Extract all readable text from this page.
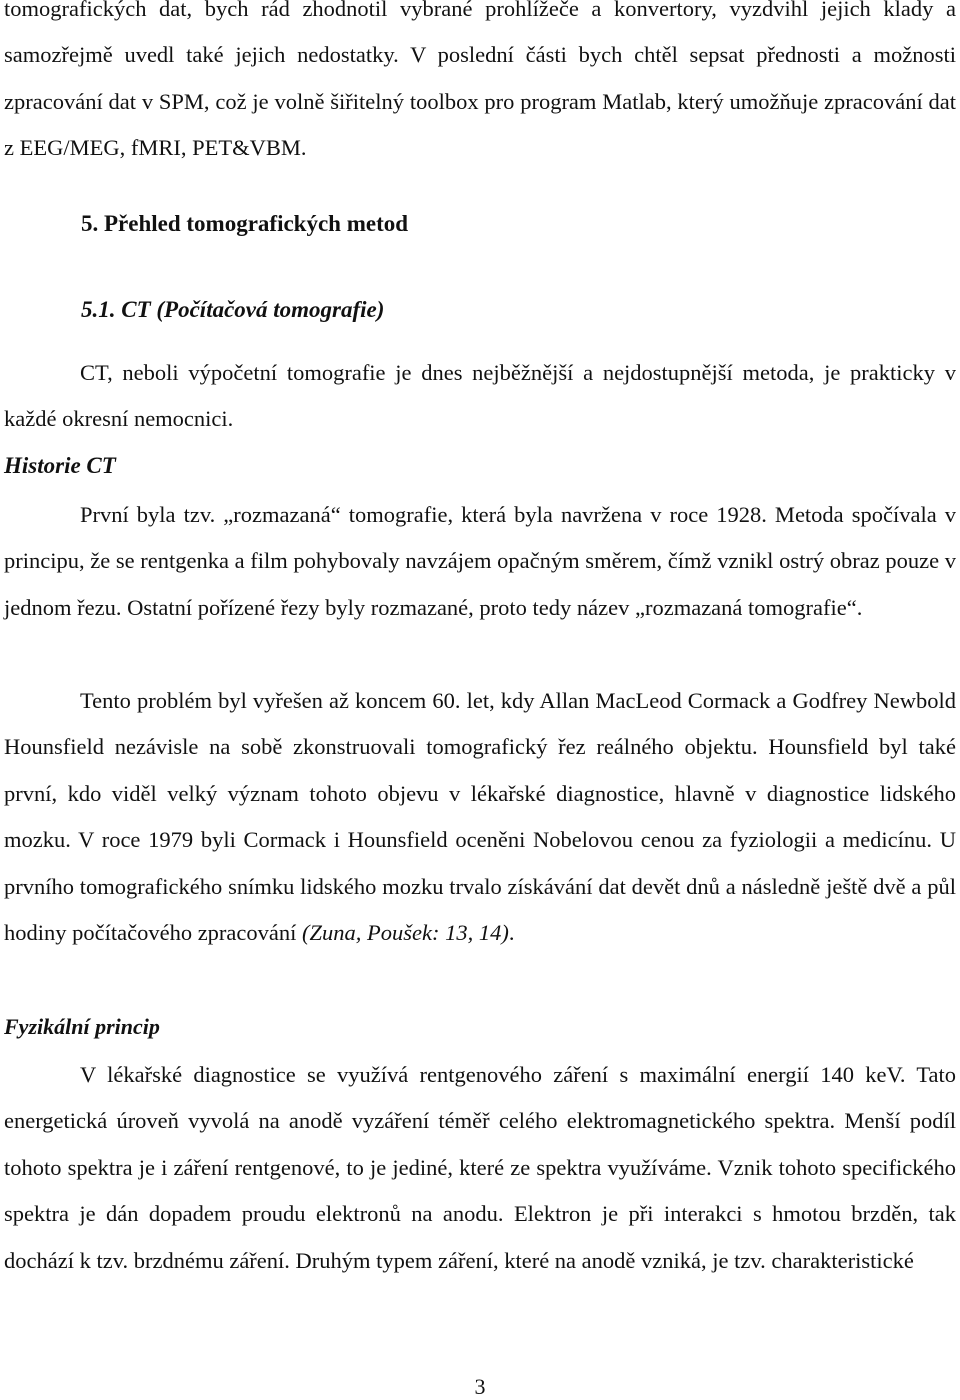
tomografických dat, bych rád zhodnotil vybrané prohlížeče a konvertory, vyzdvihl jejich klady a samozřejmě uvedl také jejich nedostatky. V poslední části bych chtěl sepsat přednosti a možnosti zpracování dat v SPM, což je volně šiřitelný toolbox pro program Matlab, který umožňuje zpracování dat z EEG/MEG, fMRI, PET&VBM.

5. Přehled tomografických metod
5.1. CT (Počítačová tomografie)

CT, neboli výpočetní tomografie je dnes nejběžnější a nejdostupnější metoda, je prakticky v každé okresní nemocnici.

Historie CT

První byla tzv. „rozmazaná“ tomografie, která byla navržena v roce 1928. Metoda spočívala v principu, že se rentgenka a film pohybovaly navzájem opačným směrem, čímž vznikl ostrý obraz pouze v jednom řezu. Ostatní pořízené řezy byly rozmazané, proto tedy název „rozmazaná tomografie“.

Tento problém byl vyřešen až koncem 60. let, kdy Allan MacLeod Cormack a Godfrey Newbold Hounsfield nezávisle na sobě zkonstruovali tomografický řez reálného objektu. Hounsfield byl také první, kdo viděl velký význam tohoto objevu v lékařské diagnostice, hlavně v diagnostice lidského mozku. V roce 1979 byli Cormack i Hounsfield oceněni Nobelovou cenou za fyziologii a medicínu. U prvního tomografického snímku lidského mozku trvalo získávání dat devět dnů a následně ještě dvě a půl hodiny počítačového zpracování (Zuna, Poušek: 13, 14).

Fyzikální princip

V lékařské diagnostice se využívá rentgenového záření s maximální energií 140 keV. Tato energetická úroveň vyvolá na anodě vyzáření téměř celého elektromagnetického spektra. Menší podíl tohoto spektra je i záření rentgenové, to je jediné, které ze spektra využíváme. Vznik tohoto specifického spektra je dán dopadem proudu elektronů na anodu. Elektron je při interakci s hmotou brzděn, tak dochází k tzv. brzdnému záření. Druhým typem záření, které na anodě vzniká, je tzv. charakteristické

3
